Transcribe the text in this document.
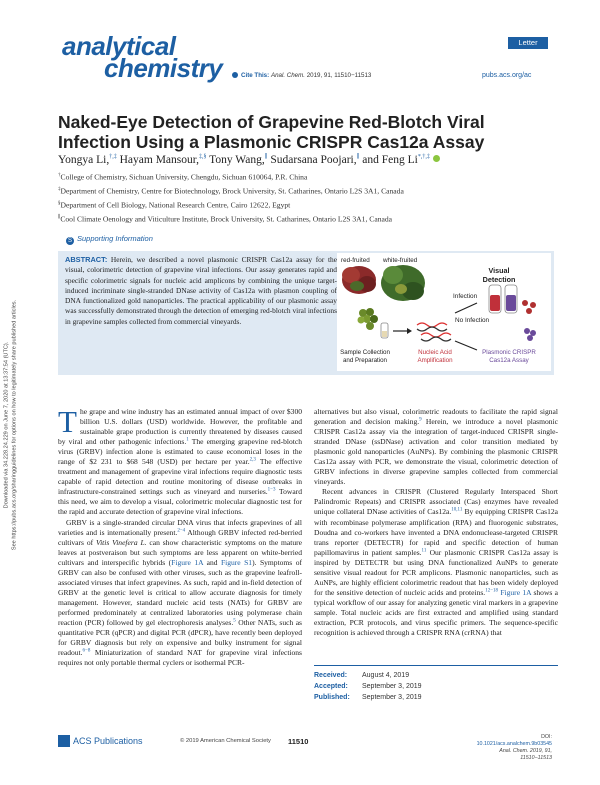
Downloaded via 34.228.24.229 on June 7, 2020 at 13:37:54 (UTC). See https://pubs.acs.org/sharingguidelines for options on how to legitimately share published articles.
analytical
chemistry
Letter
Cite This: Anal. Chem. 2019, 91, 11510−11513	pubs.acs.org/ac
Naked-Eye Detection of Grapevine Red-Blotch Viral Infection Using a Plasmonic CRISPR Cas12a Assay
Yongya Li,†,‡ Hayam Mansour,‡,§ Tony Wang,∥ Sudarsana Poojari,∥ and Feng Li*,†,‡
†College of Chemistry, Sichuan University, Chengdu, Sichuan 610064, P.R. China
‡Department of Chemistry, Centre for Biotechnology, Brock University, St. Catharines, Ontario L2S 3A1, Canada
§Department of Cell Biology, National Research Centre, Cairo 12622, Egypt
∥Cool Climate Oenology and Viticulture Institute, Brock University, St. Catharines, Ontario L2S 3A1, Canada
S Supporting Information
ABSTRACT: Herein, we described a novel plasmonic CRISPR Cas12a assay for the visual, colorimetric detection of grapevine viral infections. Our assay generates rapid and specific colorimetric signals for nucleic acid amplicons by combining the unique target-induced incriminate single-stranded DNase activity of Cas12a with plasmon coupling of DNA functionalized gold nanoparticles. The practical applicability of our plasmonic assay was successfully demonstrated through the detection of emerging red-blotch viral infections in grapevine samples collected from commercial vineyards.
red-fruited white-fruited
Visual
Detection
Infection
No Infection
Sample Collection
and Preparation
Nucleic Acid
Amplification
Plasmonic CRISPR
Cas12a Assay

The grape and wine industry has an estimated annual impact of over $300 billion U.S. dollars (USD) worldwide. However, the profitable and sustainable grape production is currently threatened by diseases caused by viral and other pathogenic infections.$^1$ The emerging grapevine red-blotch virus (GRBV) infection alone is estimated to cause economical loses in the range of $2 231 to $68 548 (USD) per hectare per year.$^{2,3}$ The effective treatment and management of grapevine viral infections require diagnostic tests capable of rapid detection and routine monitoring of disease outbreaks in infrastructure-constrained settings such as vineyard and nurseries.$^{1-3}$ Toward this need, we aim to develop a visual, colorimetric molecular diagnostic test for the rapid and accurate detection of grapevine viral infections.

GRBV is a single-stranded circular DNA virus that infects grapevines of all varieties and is internationally present.$^{2-4}$ Although GRBV infected red-berried cultivars of Vitis Vinefera L. can show characteristic symptoms on the mature leaves at postveraison but such symptoms are less apparent on white-berried cultivars and interspecific hybrids (Figure 1A and Figure S1). Symptoms of GRBV can also be confused with other viruses, such as the grapevine leafroll-associated viruses that infect grapevines. As such, rapid and in-field detection of GRBV at the genetic level is critical to allow accurate diagnosis for timely management. However, standard nucleic acid tests (NATs) for GRBV are performed predominately at centralized laboratories using polymerase chain reaction (PCR) followed by gel electrophoresis analyses.$^5$ Other NATs, such as quantitative PCR (qPCR) and digital PCR (dPCR), have recently been deployed for GRBV diagnosis but rely on expensive and bulky instrument for signal readout.$^{6-8}$ Miniaturization of standard NAT for grapevine viral infections requires not only portable thermal cyclers or isothermal PCR-

alternatives but also visual, colorimetric readouts to facilitate the rapid signal generation and decision making.$^9$ Herein, we introduce a novel plasmonic CRISPR Cas12a assay via the integration of target-induced CRISPR single-stranded DNase (ssDNase) activation and color transition mediated by plasmonic gold nanoparticles (AuNPs). By combining the plasmonic CRISPR Cas12a assay with PCR, we demonstrate the visual, colorimetric detection of GRBV infections in diverse grapevine samples collected from commercial vineyards.

Recent advances in CRISPR (Clustered Regularly Interspaced Short Palindromic Repeats) and CRISPR associated (Cas) enzymes have revealed unique collateral DNase activities of Cas12a.$^{10,11}$ By equipping CRISPR Cas12a with recombinase polymerase amplification (RPA) and fluorogenic substrates, Doudna and co-workers have invented a DNA endonuclease-targeted CRISPR trans reporter (DETECTR) for rapid and specific detection of human papillomavirus in patient samples.$^{11}$ Our plasmonic CRISPR Cas12a assay is inspired by DETECTR but using DNA functionalized AuNPs to generate sensitive visual readout for PCR amplicons. Plasmonic nanoparticles, such as AuNPs, are highly efficient colorimetric readout that has been widely deployed for the sensitive detection of nucleic acids and proteins.$^{12-18}$ Figure 1A shows a typical workflow of our assay for analyzing genetic viral markers in a grapevine sample. Total nucleic acids are first extracted and amplified using standard extraction, PCR protocols, and virus specific primers. The sequence-specific recognition is achieved through a CRISPR RNA (crRNA) that

Received: August 4, 2019
Accepted: September 3, 2019
Published: September 3, 2019
ACS Publications	© 2019 American Chemical Society 11510	DOI: 10.1021/acs.analchem.9b03545
Anal. Chem. 2019, 91, 11510−11513
